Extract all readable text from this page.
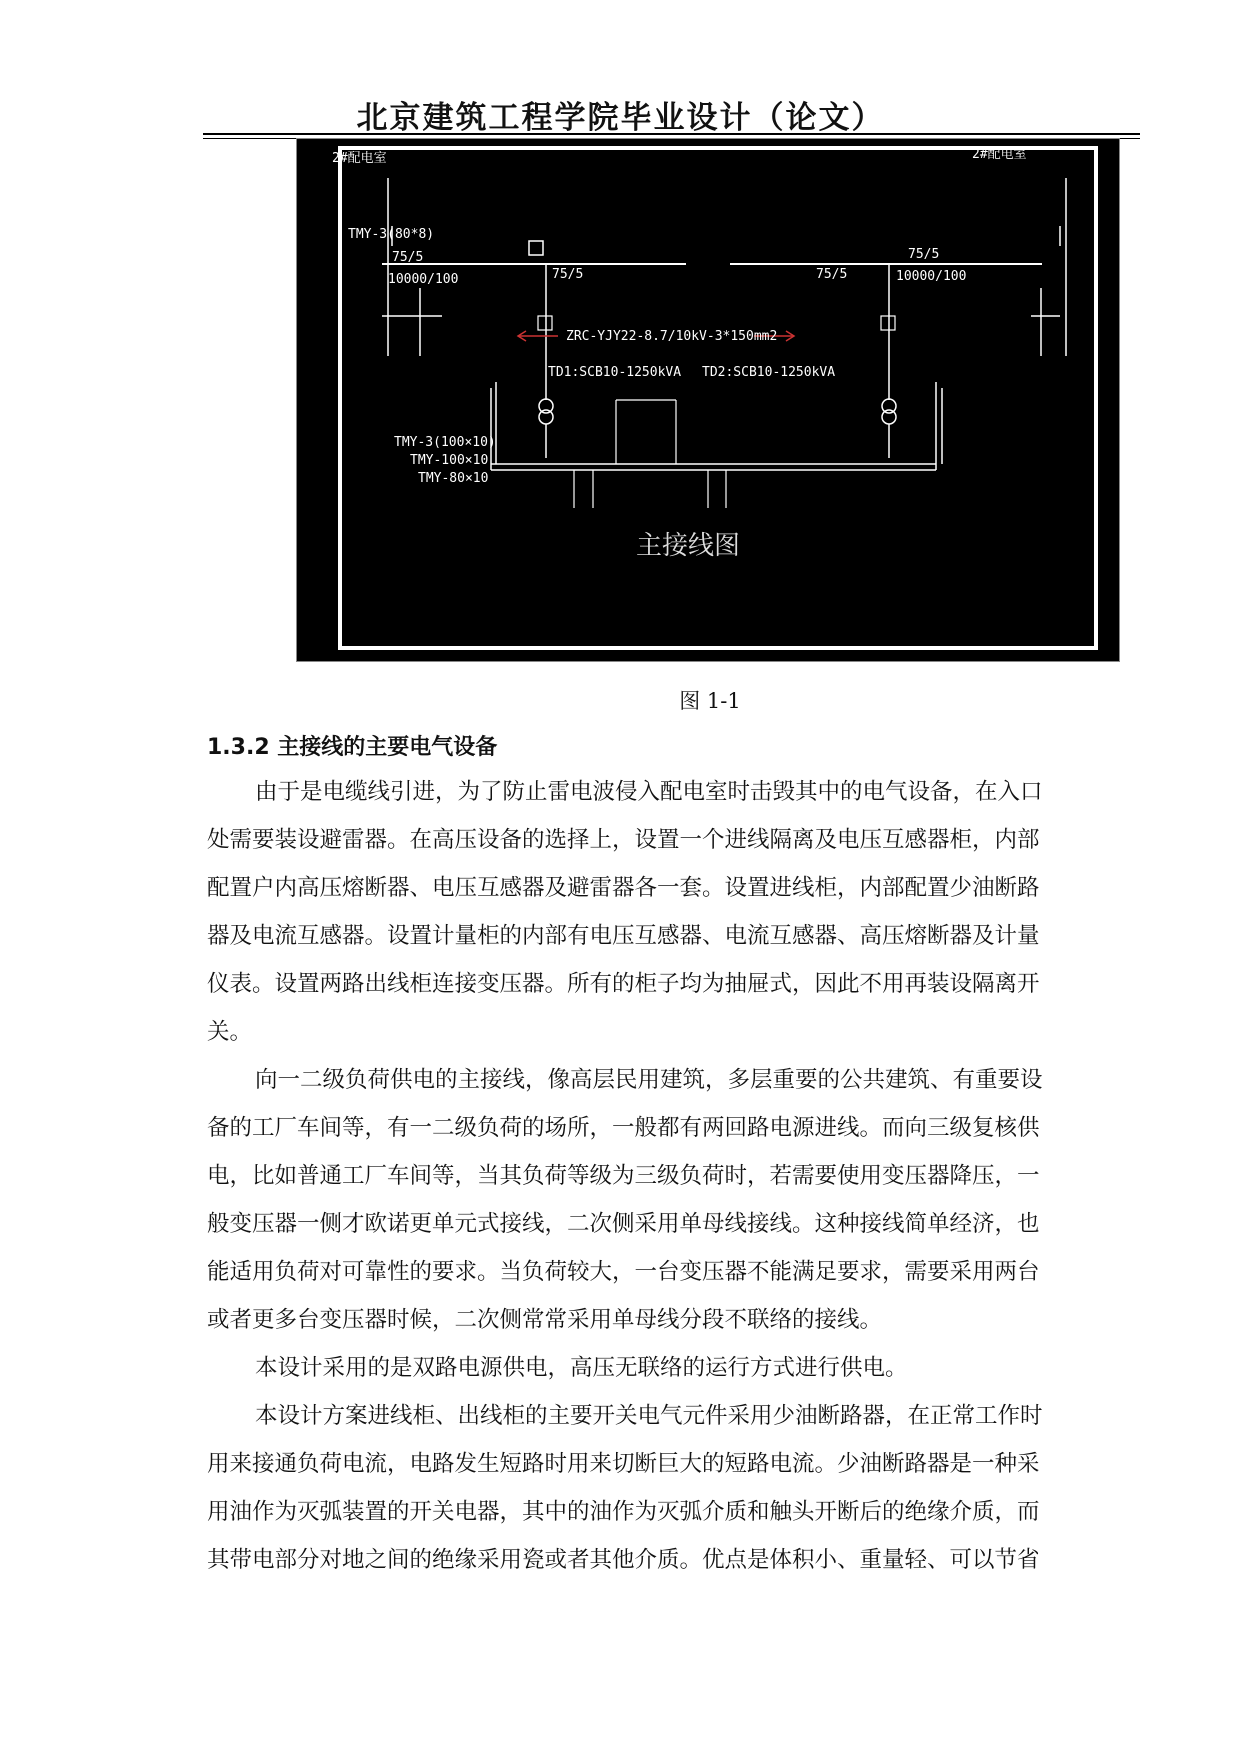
北京建筑工程学院毕业设计（论文）
2#配电室	2#配电室
TMY-3(80*8)
75/5
10000/100	75/5	75/5
75/5
10000/100
ZRC-YJY22-8.7/10kV-3*150mm2
TD1:SCB10-1250kVA TD2:SCB10-1250kVA
TMY-3(100×10)
TMY-100×10
TMY-80×10
主接线图
图 1-1
1.3.2 主接线的主要电气设备
由于是电缆线引进，为了防止雷电波侵入配电室时击毁其中的电气设备，在入口
处需要装设避雷器。在高压设备的选择上，设置一个进线隔离及电压互感器柜，内部
配置户内高压熔断器、电压互感器及避雷器各一套。设置进线柜，内部配置少油断路
器及电流互感器。设置计量柜的内部有电压互感器、电流互感器、高压熔断器及计量
仪表。设置两路出线柜连接变压器。所有的柜子均为抽屉式，因此不用再装设隔离开
关。
向一二级负荷供电的主接线，像高层民用建筑，多层重要的公共建筑、有重要设
备的工厂车间等，有一二级负荷的场所，一般都有两回路电源进线。而向三级复核供
电，比如普通工厂车间等，当其负荷等级为三级负荷时，若需要使用变压器降压，一
般变压器一侧才欧诺更单元式接线，二次侧采用单母线接线。这种接线简单经济，也
能适用负荷对可靠性的要求。当负荷较大，一台变压器不能满足要求，需要采用两台
或者更多台变压器时候，二次侧常常采用单母线分段不联络的接线。
本设计采用的是双路电源供电，高压无联络的运行方式进行供电。
本设计方案进线柜、出线柜的主要开关电气元件采用少油断路器，在正常工作时
用来接通负荷电流，电路发生短路时用来切断巨大的短路电流。少油断路器是一种采
用油作为灭弧装置的开关电器，其中的油作为灭弧介质和触头开断后的绝缘介质，而
其带电部分对地之间的绝缘采用瓷或者其他介质。优点是体积小、重量轻、可以节省
